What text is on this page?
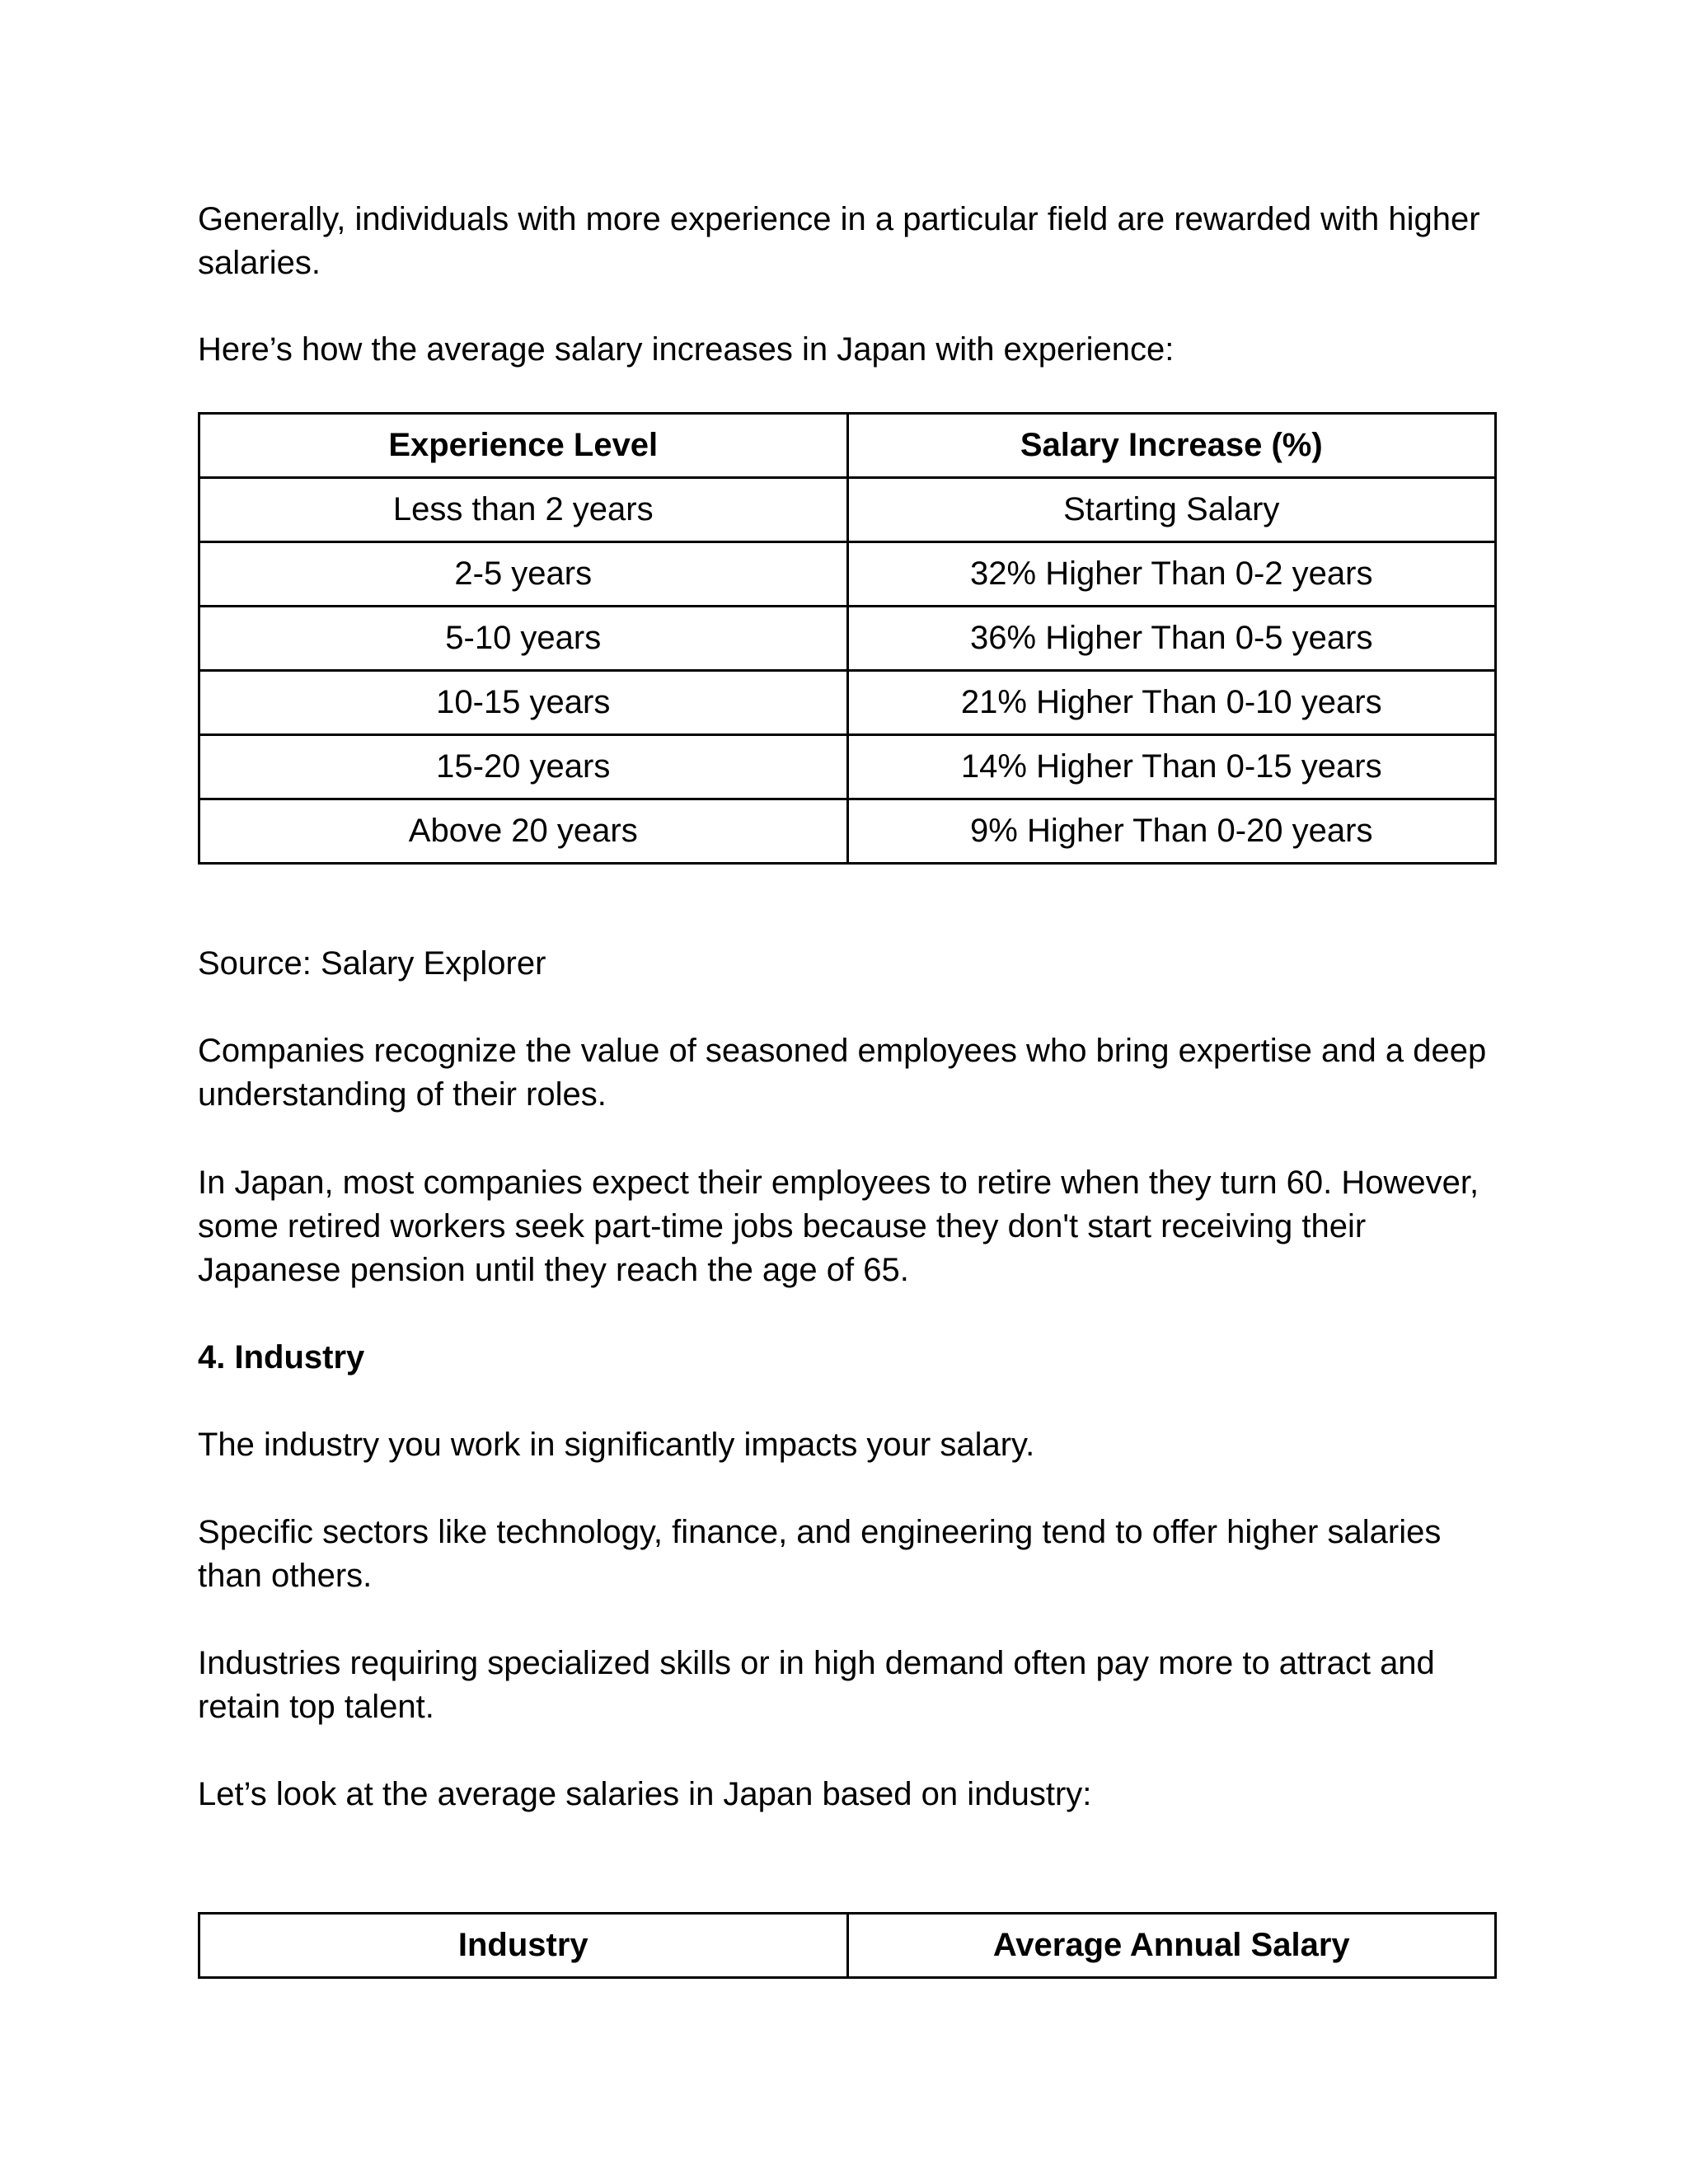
Generally, individuals with more experience in a particular field are rewarded with higher salaries.

Here’s how the average salary increases in Japan with experience:

Experience Level	Salary Increase (%)
Less than 2 years	Starting Salary
2-5 years	32% Higher Than 0-2 years
5-10 years	36% Higher Than 0-5 years
10-15 years	21% Higher Than 0-10 years
15-20 years	14% Higher Than 0-15 years
Above 20 years	9% Higher Than 0-20 years

Source: Salary Explorer

Companies recognize the value of seasoned employees who bring expertise and a deep understanding of their roles.

In Japan, most companies expect their employees to retire when they turn 60. However, some retired workers seek part-time jobs because they don't start receiving their Japanese pension until they reach the age of 65.

4. Industry

The industry you work in significantly impacts your salary.

Specific sectors like technology, finance, and engineering tend to offer higher salaries than others.

Industries requiring specialized skills or in high demand often pay more to attract and retain top talent.

Let’s look at the average salaries in Japan based on industry:

Industry	Average Annual Salary
